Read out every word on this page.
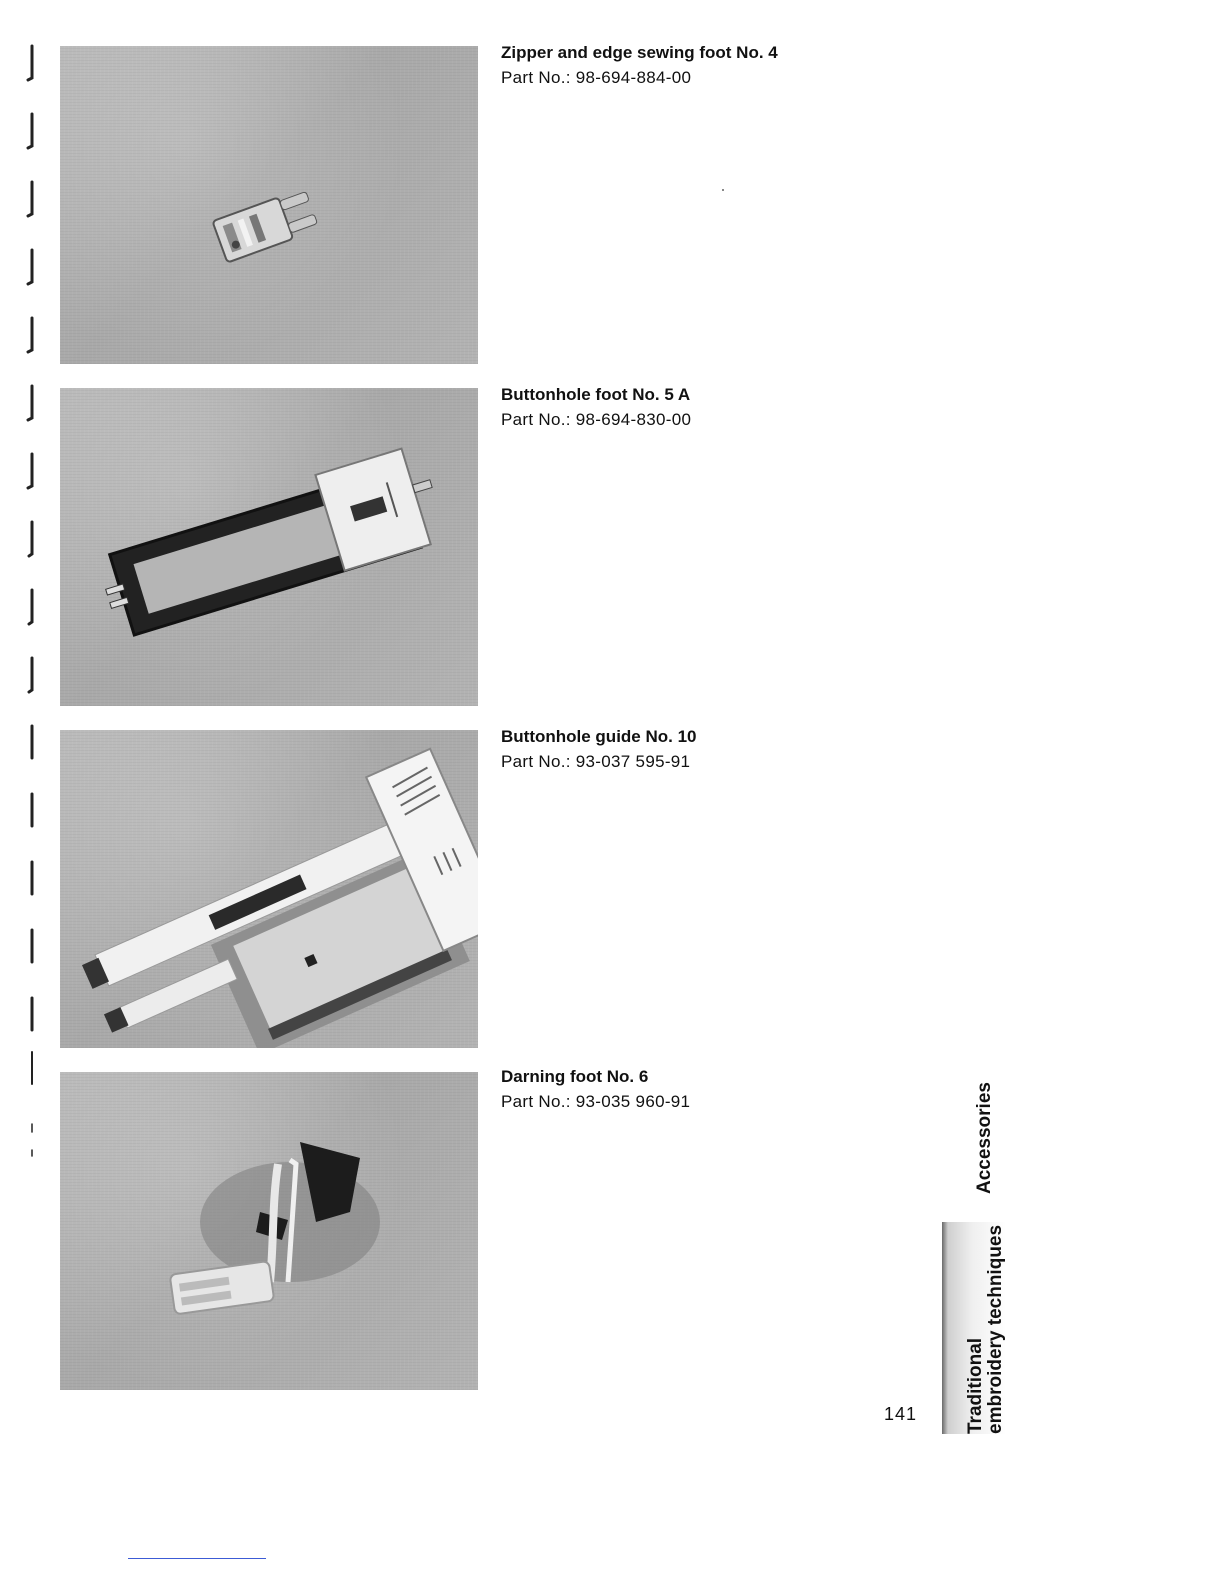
Zipper and edge sewing foot No. 4

Part No.: 98-694-884-00

Buttonhole foot No. 5 A

Part No.: 98-694-830-00

Buttonhole guide No. 10

Part No.: 93-037 595-91

Darning foot No. 6

Part No.: 93-035 960-91	Accessories
Traditional embroidery techniques
141
